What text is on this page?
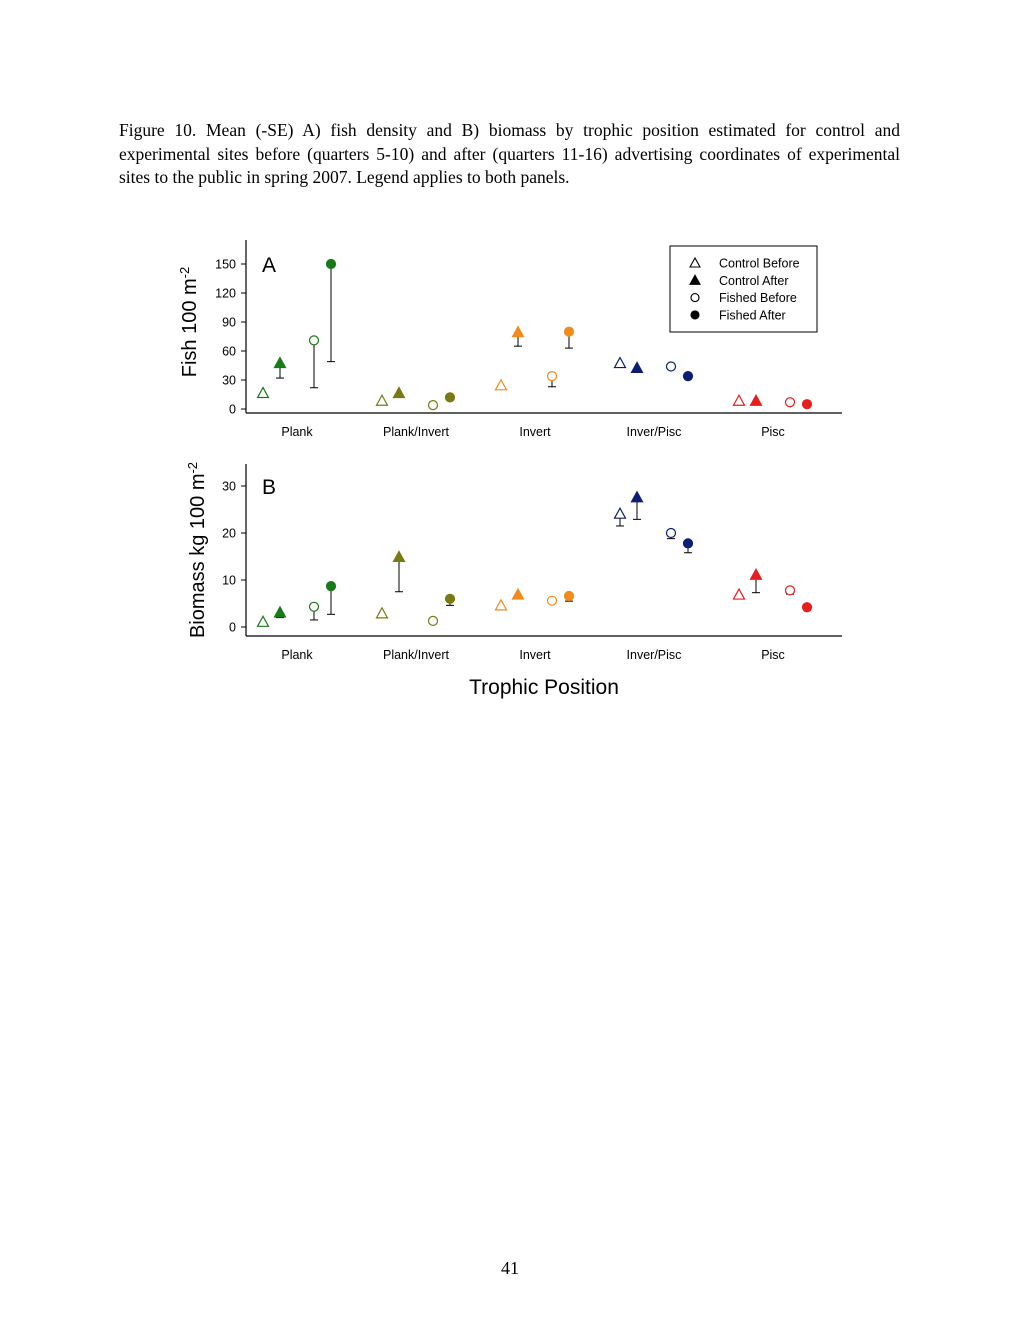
Figure 10. Mean (-SE) A) fish density and B) biomass by trophic position estimated for control and experimental sites before (quarters 5-10) and after (quarters 11-16) advertising coordinates of experimental sites to the public in spring 2007. Legend applies to both panels.
0
30
60
90
120
150
Plank	Plank/Invert	Invert	Inver/Pisc	Pisc
A
Fish 100 $m^{-2}$
Control Before
Control After
Fished Before
Fished After
0
10
20
30
Plank	Plank/Invert	Invert	Inver/Pisc	Pisc
B
Biomass kg 100 $m^{-2}$
Trophic Position
41
